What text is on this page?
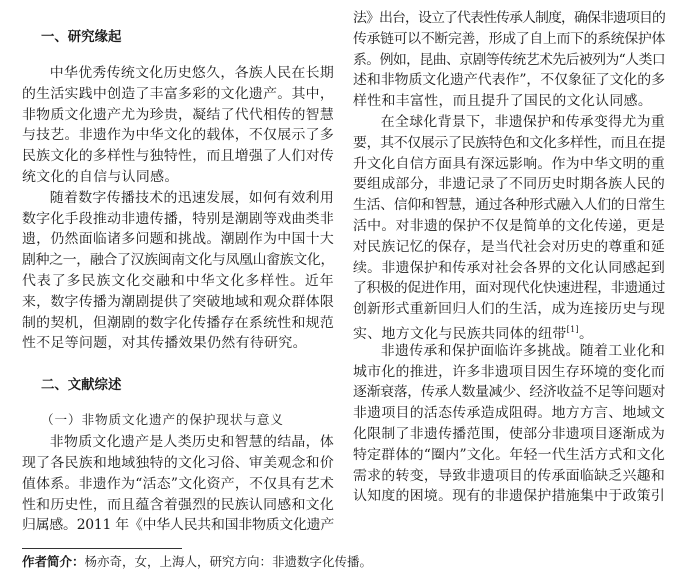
一、研究缘起
中华优秀传统文化历史悠久，各族人民在长期
的生活实践中创造了丰富多彩的文化遗产。其中，
非物质文化遗产尤为珍贵，凝结了代代相传的智慧
与技艺。非遗作为中华文化的载体，不仅展示了多
民族文化的多样性与独特性，而且增强了人们对传
统文化的自信与认同感。
随着数字传播技术的迅速发展，如何有效利用
数字化手段推动非遗传播，特别是潮剧等戏曲类非
遗，仍然面临诸多问题和挑战。潮剧作为中国十大
剧种之一，融合了汉族闽南文化与凤凰山畲族文化，
代表了多民族文化交融和中华文化多样性。近年
来，数字传播为潮剧提供了突破地域和观众群体限
制的契机，但潮剧的数字化传播存在系统性和规范
性不足等问题，对其传播效果仍然有待研究。
二、文献综述
（一）非物质文化遗产的保护现状与意义
非物质文化遗产是人类历史和智慧的结晶，体
现了各民族和地域独特的文化习俗、审美观念和价
值体系。非遗作为“活态”文化资产，不仅具有艺术
性和历史性，而且蕴含着强烈的民族认同感和文化
归属感。2011 年《中华人民共和国非物质文化遗产
法》出台，设立了代表性传承人制度，确保非遗项目的
传承链可以不断完善，形成了自上而下的系统保护体
系。例如，昆曲、京剧等传统艺术先后被列为“人类口
述和非物质文化遗产代表作”，不仅象征了文化的多
样性和丰富性，而且提升了国民的文化认同感。
在全球化背景下，非遗保护和传承变得尤为重
要，其不仅展示了民族特色和文化多样性，而且在提
升文化自信方面具有深远影响。作为中华文明的重
要组成部分，非遗记录了不同历史时期各族人民的
生活、信仰和智慧，通过各种形式融入人们的日常生
活中。对非遗的保护不仅是简单的文化传递，更是
对民族记忆的保存，是当代社会对历史的尊重和延
续。非遗保护和传承对社会各界的文化认同感起到
了积极的促进作用，面对现代化快速进程，非遗通过
创新形式重新回归人们的生活，成为连接历史与现
实、地方文化与民族共同体的纽带[1]。
非遗传承和保护面临许多挑战。随着工业化和
城市化的推进，许多非遗项目因生存环境的变化而
逐渐衰落，传承人数量减少、经济收益不足等问题对
非遗项目的活态传承造成阻碍。地方方言、地域文
化限制了非遗传播范围，使部分非遗项目逐渐成为
特定群体的“圈内”文化。年轻一代生活方式和文化
需求的转变，导致非遗项目的传承面临缺乏兴趣和
认知度的困境。现有的非遗保护措施集中于政策引
作者简介：杨亦奇，女，上海人，研究方向：非遗数字化传播。
